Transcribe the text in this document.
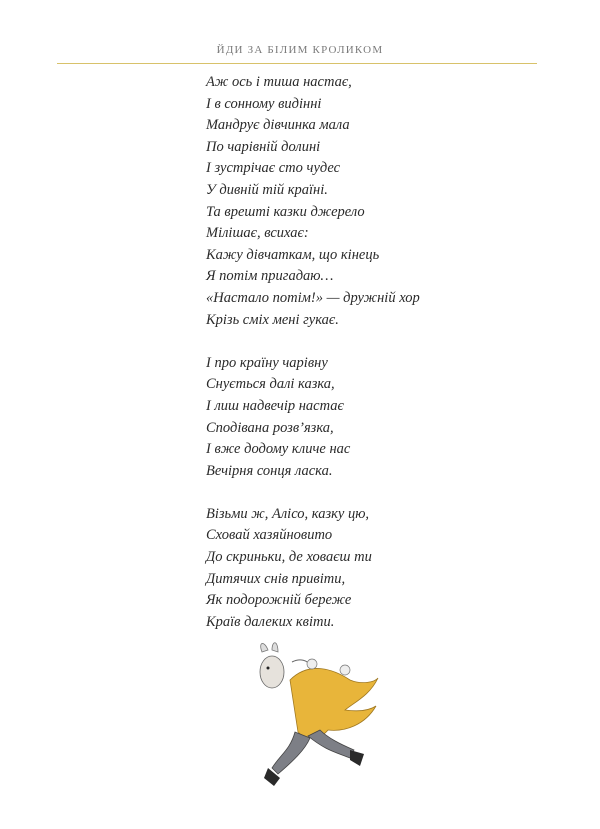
ЙДИ ЗА БІЛИМ КРОЛИКОМ
Аж ось і тиша настає,
І в сонному видінні
Мандрує дівчинка мала
По чарівній долині
І зустрічає сто чудес
У дивній тій країні.
Та врешті казки джерело
Мілішає, всихає:
Кажу дівчаткам, що кінець
Я потім пригадаю…
«Настало потім!» — дружній хор
Крізь сміх мені гукає.
І про країну чарівну
Снується далі казка,
І лиш надвечір настає
Сподівана розв’язка,
І вже додому кличе нас
Вечірня сонця ласка.
Візьми ж, Алісо, казку цю,
Сховай хазяйновито
До скриньки, де ховаєш ти
Дитячих снів привіти,
Як подорожній береже
Країв далеких квіти.
